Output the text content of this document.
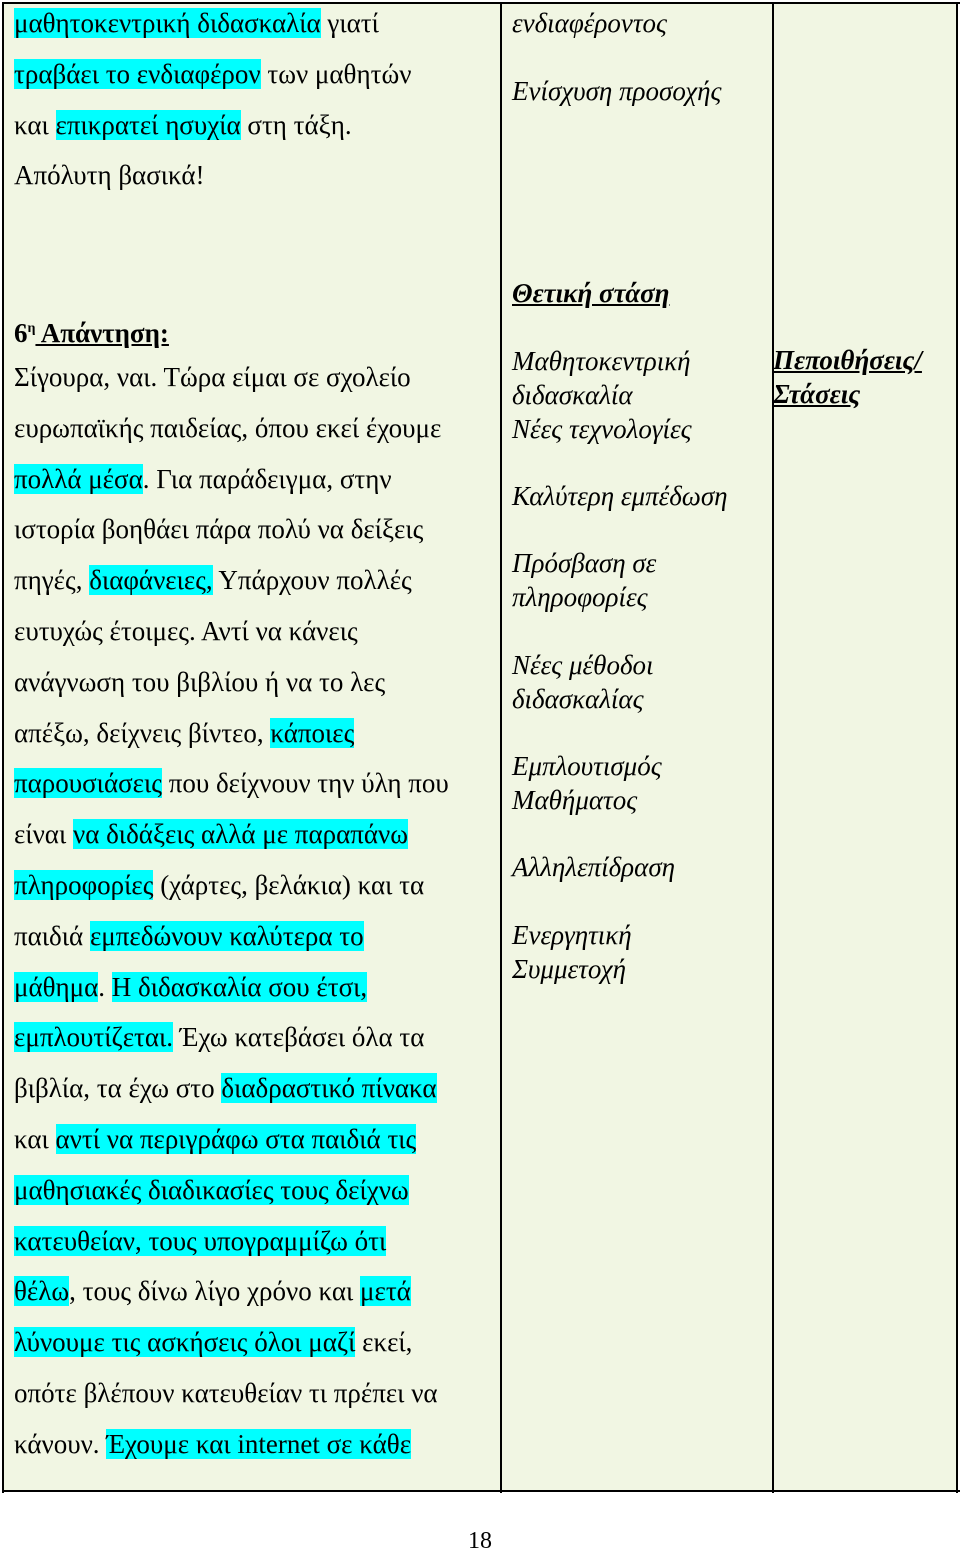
μαθητοκεντρική διδασκαλία γιατί
τραβάει το ενδιαφέρον των μαθητών
και επικρατεί ησυχία στη τάξη.
Απόλυτη βασικά!
$6^\eta$ Απάντηση:
Σίγουρα, ναι. Τώρα είμαι σε σχολείο
ευρωπαϊκής παιδείας, όπου εκεί έχουμε
πολλά μέσα. Για παράδειγμα, στην
ιστορία βοηθάει πάρα πολύ να δείξεις
πηγές, διαφάνειες, Υπάρχουν πολλές
ευτυχώς έτοιμες. Αντί να κάνεις
ανάγνωση του βιβλίου ή να το λες
απέξω, δείχνεις βίντεο, κάποιες
παρουσιάσεις που δείχνουν την ύλη που
είναι να διδάξεις αλλά με παραπάνω
πληροφορίες (χάρτες, βελάκια) και τα
παιδιά εμπεδώνουν καλύτερα το
μάθημα. Η διδασκαλία σου έτσι,
εμπλουτίζεται. Έχω κατεβάσει όλα τα
βιβλία, τα έχω στο διαδραστικό πίνακα
και αντί να περιγράφω στα παιδιά τις
μαθησιακές διαδικασίες τους δείχνω
κατευθείαν, τους υπογραμμίζω ότι
θέλω, τους δίνω λίγο χρόνο και μετά
λύνουμε τις ασκήσεις όλοι μαζί εκεί,
οπότε βλέπουν κατευθείαν τι πρέπει να
κάνουν. Έχουμε και internet σε κάθε
ενδιαφέροντος
Ενίσχυση προσοχής
Θετική στάση
Μαθητοκεντρική διδασκαλία
Νέες τεχνολογίες
Καλύτερη εμπέδωση
Πρόσβαση σε πληροφορίες
Νέες μέθοδοι διδασκαλίας
Εμπλουτισμός Μαθήματος
Αλληλεπίδραση
Ενεργητική Συμμετοχή
Πεποιθήσεις/ Στάσεις
18
